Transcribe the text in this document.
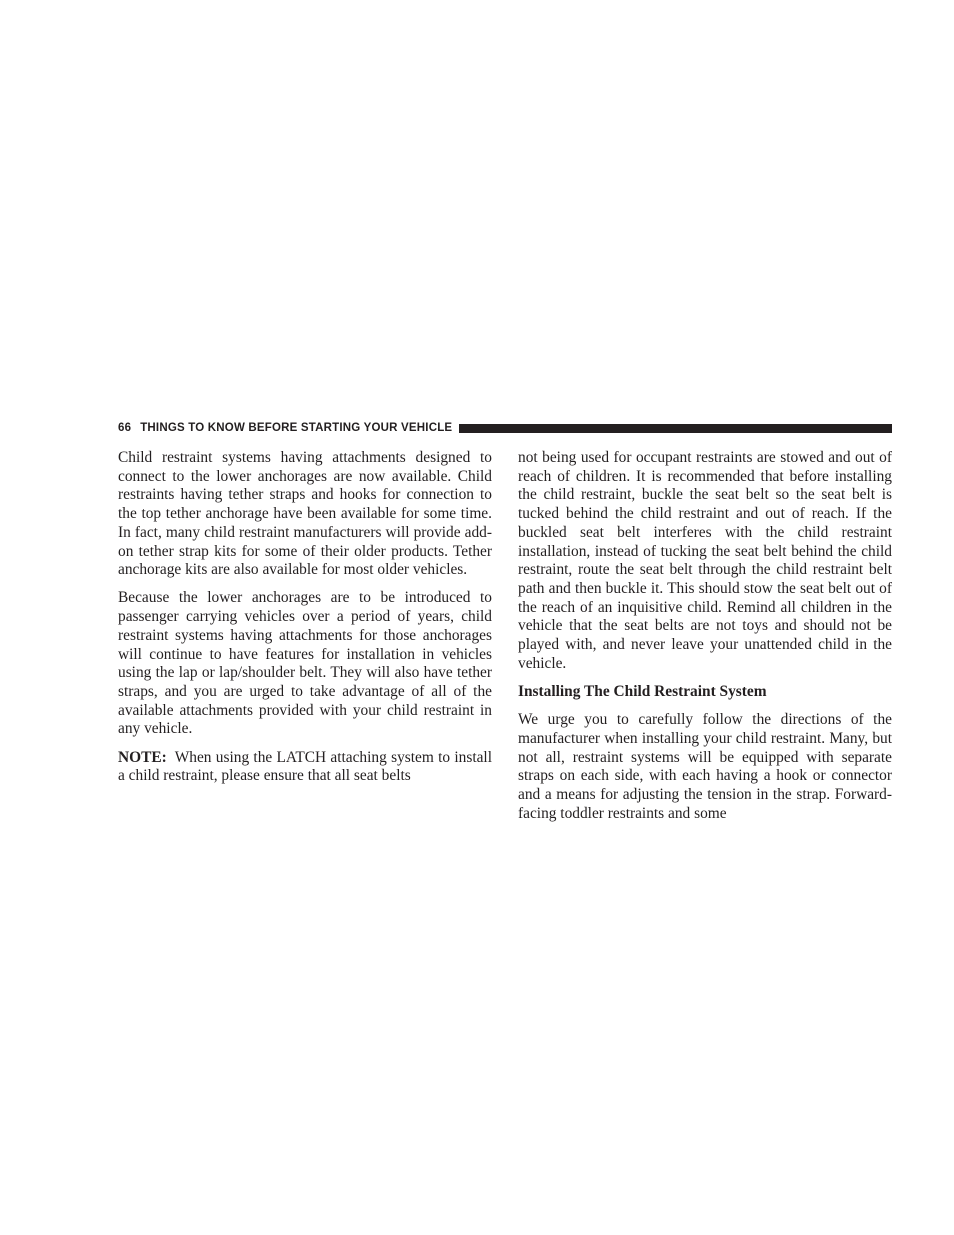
66 THINGS TO KNOW BEFORE STARTING YOUR VEHICLE

Child restraint systems having attachments designed to connect to the lower anchorages are now available. Child restraints having tether straps and hooks for connection to the top tether anchorage have been available for some time. In fact, many child restraint manufacturers will provide add-on tether strap kits for some of their older products. Tether anchorage kits are also available for most older vehicles.

Because the lower anchorages are to be introduced to passenger carrying vehicles over a period of years, child restraint systems having attachments for those anchorages will continue to have features for installation in vehicles using the lap or lap/shoulder belt. They will also have tether straps, and you are urged to take advantage of all of the available attachments provided with your child restraint in any vehicle.

NOTE: When using the LATCH attaching system to install a child restraint, please ensure that all seat belts

not being used for occupant restraints are stowed and out of reach of children. It is recommended that before installing the child restraint, buckle the seat belt so the seat belt is tucked behind the child restraint and out of reach. If the buckled seat belt interferes with the child restraint installation, instead of tucking the seat belt behind the child restraint, route the seat belt through the child restraint belt path and then buckle it. This should stow the seat belt out of the reach of an inquisitive child. Remind all children in the vehicle that the seat belts are not toys and should not be played with, and never leave your unattended child in the vehicle.

Installing The Child Restraint System

We urge you to carefully follow the directions of the manufacturer when installing your child restraint. Many, but not all, restraint systems will be equipped with separate straps on each side, with each having a hook or connector and a means for adjusting the tension in the strap. Forward-facing toddler restraints and some
